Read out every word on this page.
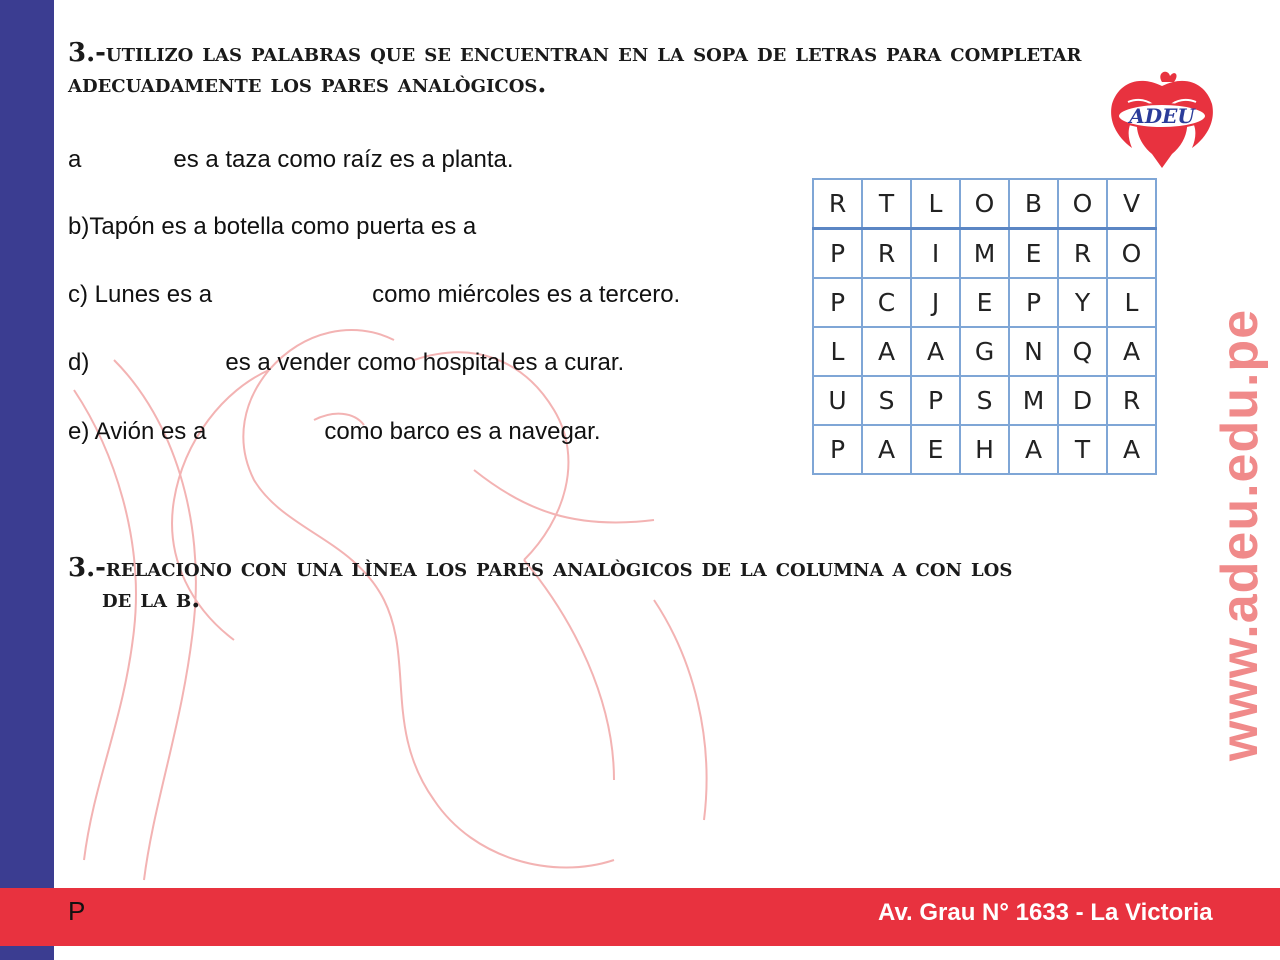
www.adeu.edu.pe

3.-utilizo las palabras que se encuentran en la sopa de letras para completar adecuadamente los pares analògicos.

a	es a taza como raíz es a planta.

b)Tapón es a botella como puerta es a

c) Lunes es a	como miércoles es a tercero.

d)	es a vender como hospital es a curar.

e) Avión es a	como barco es a navegar.

ADEU
R	T	L	O	B	O	V
P	R	I	M	E	R	O
P	C	J	E	P	Y	L
L	A	A	G	N	Q	A
U	S	P	S	M	D	R
P	A	E	H	A	T	A

3.-relaciono con una lìnea los pares analògicos de la columna a con los
de la b.

P	Av. Grau N° 1633 - La Victoria
